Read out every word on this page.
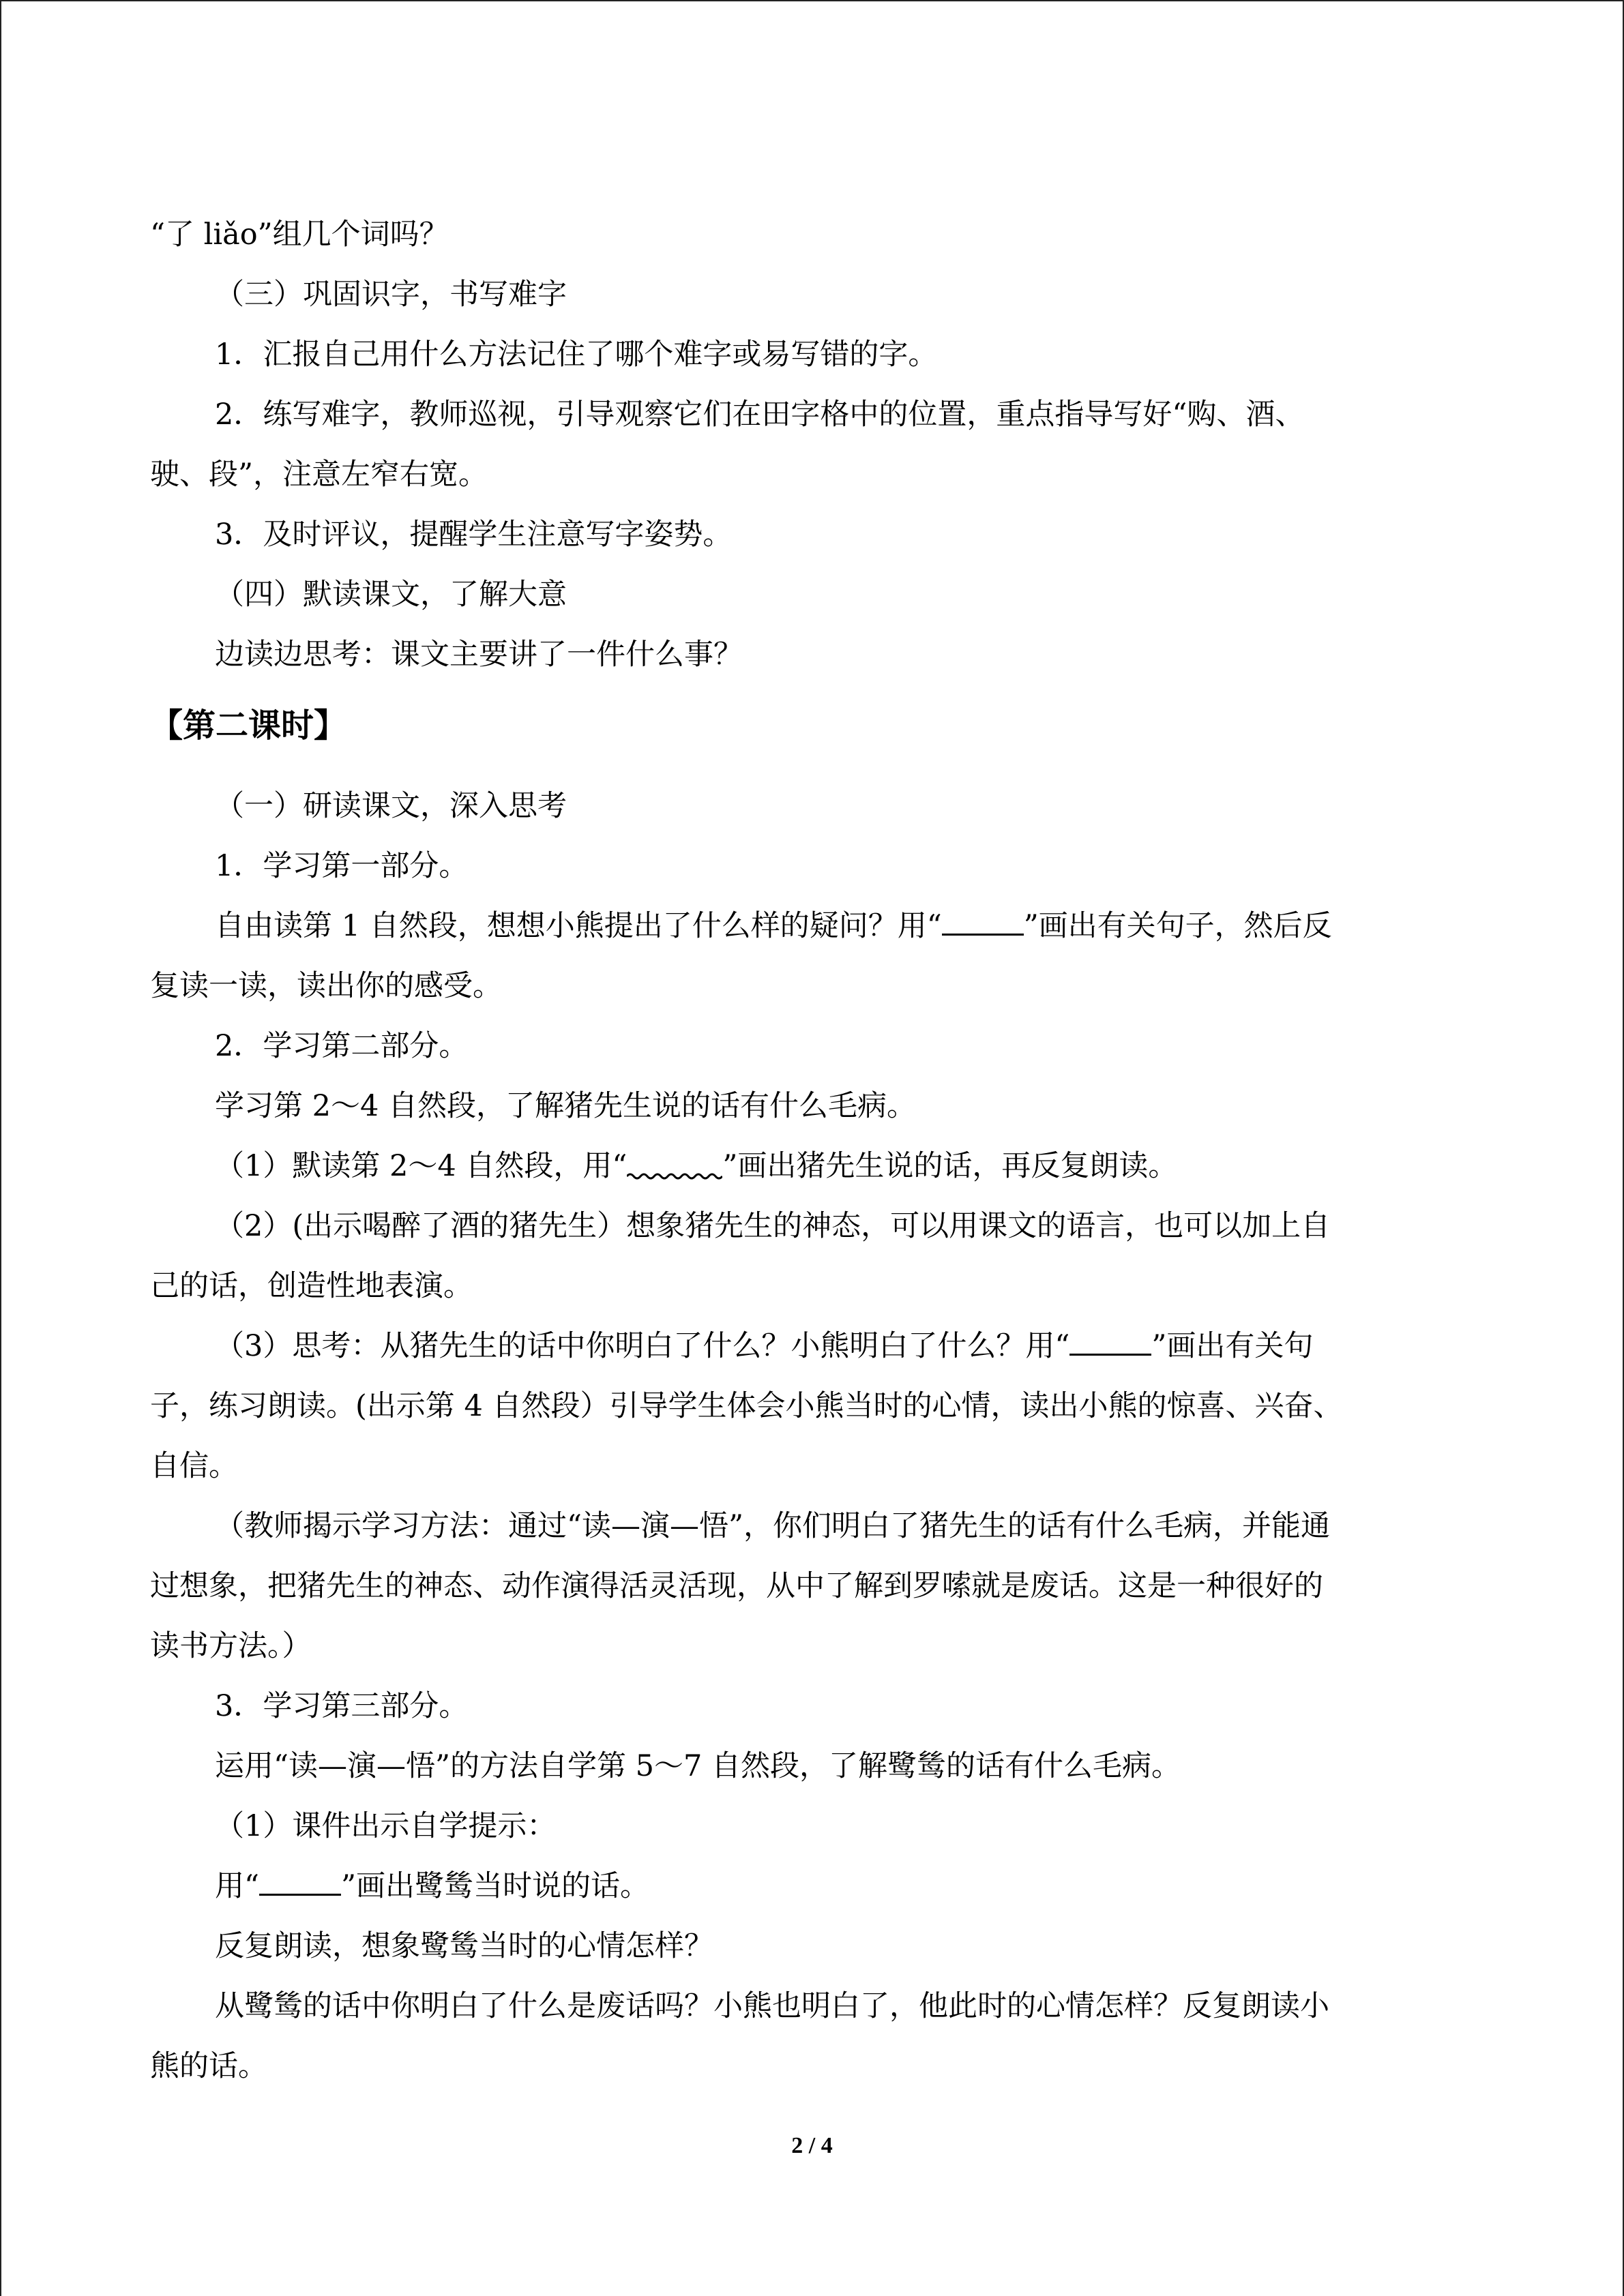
“了 liǎo”组几个词吗？

（三）巩固识字，书写难字

1．汇报自己用什么方法记住了哪个难字或易写错的字。

2．练写难字，教师巡视，引导观察它们在田字格中的位置，重点指导写好“购、酒、

驶、段”，注意左窄右宽。

3．及时评议，提醒学生注意写字姿势。

（四）默读课文，了解大意

边读边思考：课文主要讲了一件什么事？

【第二课时】

（一）研读课文，深入思考

1．学习第一部分。

自由读第 1 自然段，想想小熊提出了什么样的疑问？用“	”画出有关句子，然后反

复读一读，读出你的感受。

2．学习第二部分。

学习第 2～4 自然段，了解猪先生说的话有什么毛病。

（1）默读第 2～4 自然段，用“	”画出猪先生说的话，再反复朗读。

（2）(出示喝醉了酒的猪先生）想象猪先生的神态，可以用课文的语言，也可以加上自

己的话，创造性地表演。

（3）思考：从猪先生的话中你明白了什么？小熊明白了什么？用“	”画出有关句

子，练习朗读。(出示第 4 自然段）引导学生体会小熊当时的心情，读出小熊的惊喜、兴奋、

自信。

（教师揭示学习方法：通过“读—演—悟”，你们明白了猪先生的话有什么毛病，并能通

过想象，把猪先生的神态、动作演得活灵活现，从中了解到罗嗦就是废话。这是一种很好的

读书方法。）

3．学习第三部分。

运用“读—演—悟”的方法自学第 5～7 自然段，了解鹭鸶的话有什么毛病。

（1）课件出示自学提示：

用“	”画出鹭鸶当时说的话。

反复朗读，想象鹭鸶当时的心情怎样？

从鹭鸶的话中你明白了什么是废话吗？小熊也明白了，他此时的心情怎样？反复朗读小

熊的话。

2 / 4
